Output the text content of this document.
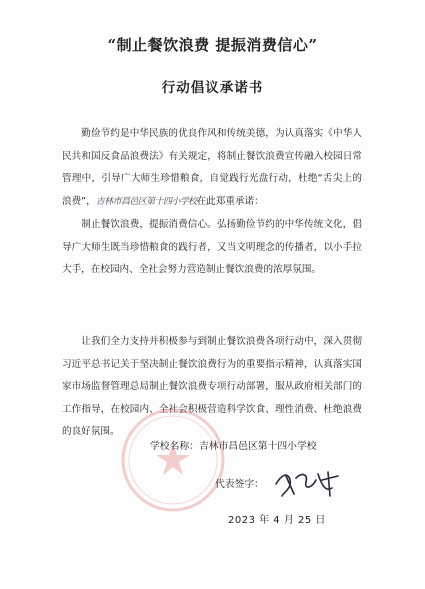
“制止餐饮浪费 提振消费信心”
行动倡议承诺书
  勤俭节约是中华民族的优良作风和传统美德，为认真落实《中华人民共和国反食品浪费法》有关规定，将制止餐饮浪费宣传融入校园日常管理中，引导广大师生珍惜粮食，自觉践行光盘行动，杜绝“舌尖上的浪费”，吉林市昌邑区第十四小学校在此郑重承诺：
  制止餐饮浪费，提振消费信心。弘扬勤俭节约的中华传统文化，倡导广大师生既当珍惜粮食的践行者，又当文明理念的传播者，以小手拉大手，在校园内、全社会努力营造制止餐饮浪费的浓厚氛围。
  让我们全力支持并积极参与到制止餐饮浪费各项行动中，深入贯彻习近平总书记关于坚决制止餐饮浪费行为的重要指示精神，认真落实国家市场监督管理总局制止餐饮浪费专项行动部署，服从政府相关部门的工作指导，在校园内、全社会积极营造科学饮食、理性消费、杜绝浪费的良好氛围。
学校名称：吉林市昌邑区第十四小学校
代表签字：
2023 年 4 月 25 日
